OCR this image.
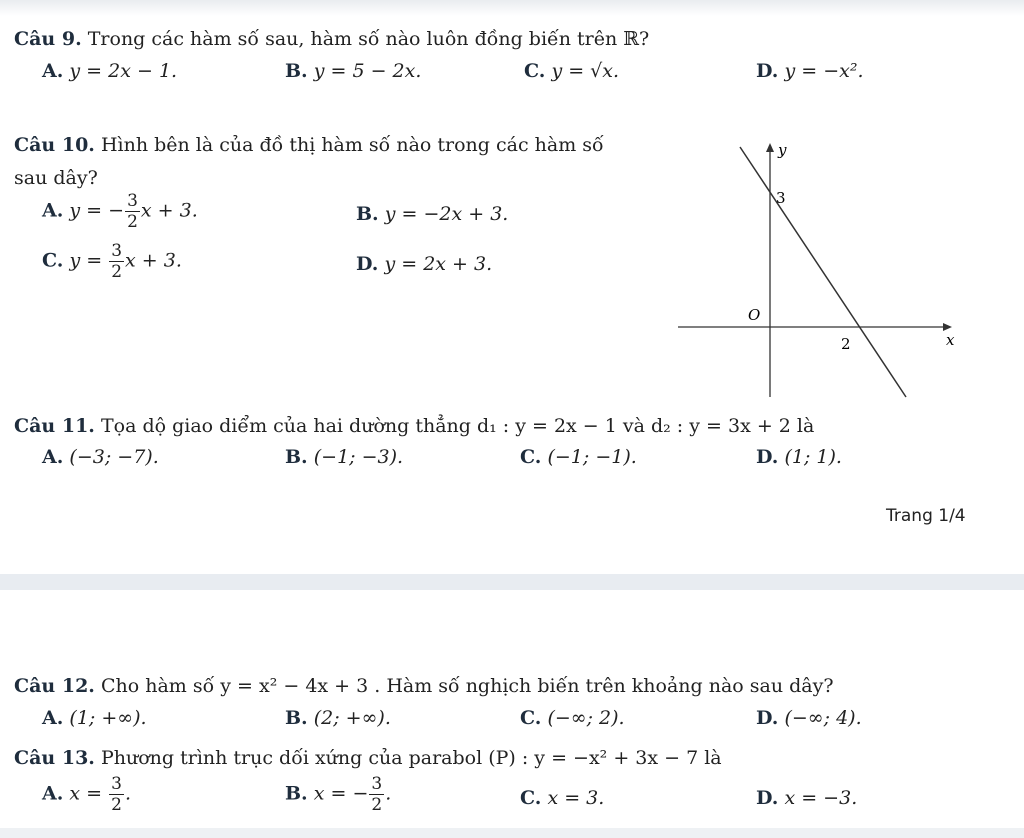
Câu 9. Trong các hàm số sau, hàm số nào luôn đồng biến trên ℝ?
A. y = 2x − 1.	B. y = 5 − 2x.	C. y = √x.	D. y = −x².
Câu 10. Hình bên là của đồ thị hàm số nào trong các hàm số
sau dây?
A. y = − $\frac{3}{2}$ x + 3.	B. y = −2x + 3.
C. $y = \frac{3}{2}$ x + 3.	D. y = 2x + 3.
y
x
O
3
2
Câu 11. Tọa dộ giao diểm của hai dường thẳng d₁ : y = 2x − 1 và d₂ : y = 3x + 2 là
A. (−3; −7).	B. (−1; −3).	C. (−1; −1).	D. (1; 1).
Trang 1/4
Câu 12. Cho hàm số y = x² − 4x + 3 . Hàm số nghịch biến trên khoảng nào sau dây?
A. (1; +∞).	B. (2; +∞).	C. (−∞; 2).	D. (−∞; 4).
Câu 13. Phương trình trục dối xứng của parabol (P) : y = −x² + 3x − 7 là
A. $x = \frac{3}{2}$ .	B. x = − $\frac{3}{2}$ .	C. x = 3.	D. x = −3.
